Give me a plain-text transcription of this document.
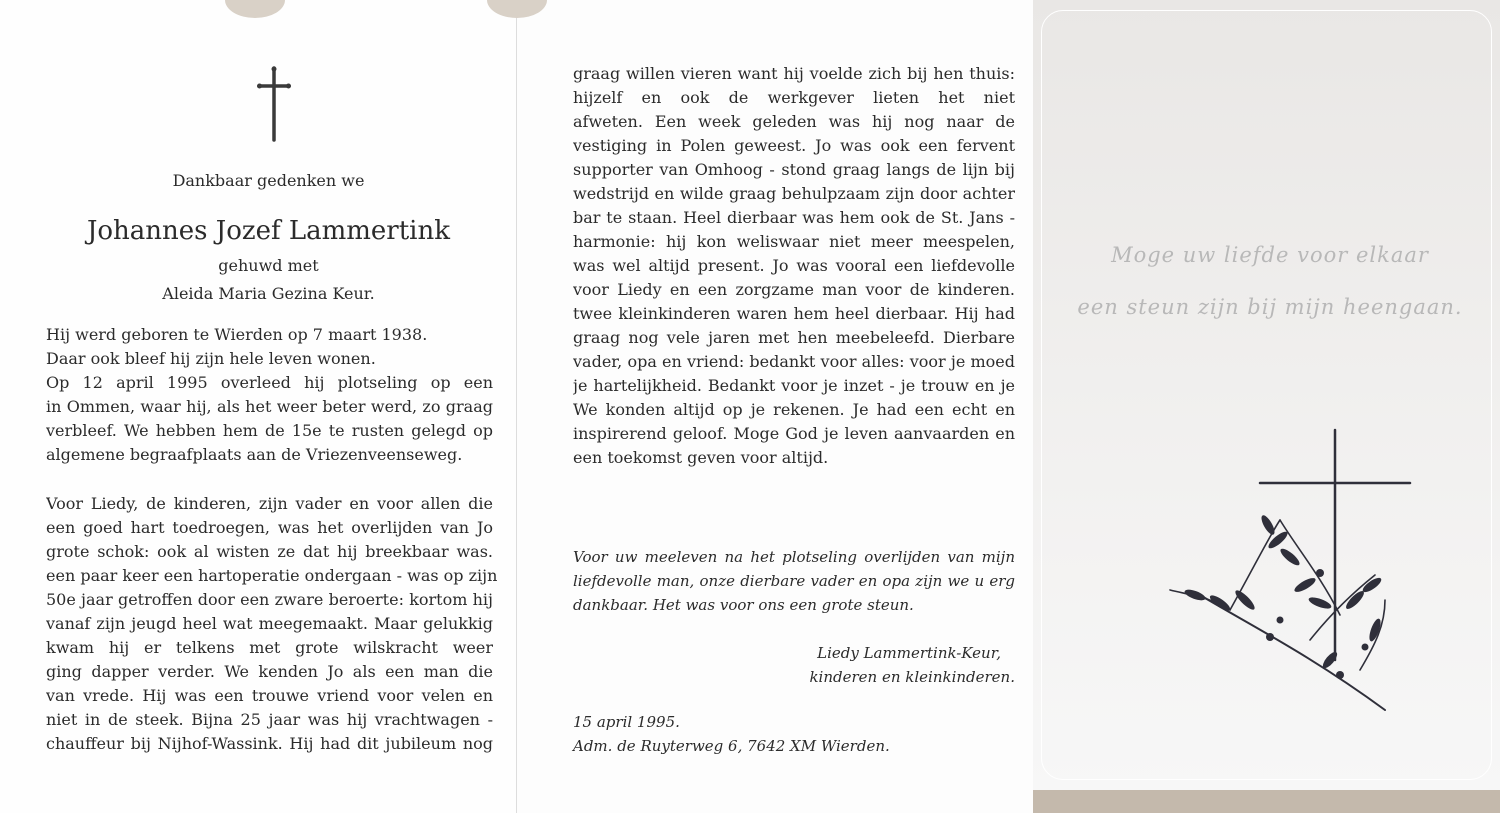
Dankbaar gedenken we

Johannes Jozef Lammertink

gehuwd met

Aleida Maria Gezina Keur.

Hij werd geboren te Wierden op 7 maart 1938.
Daar ook bleef hij zijn hele leven wonen.
Op 12 april 1995 overleed hij plotseling op een
in Ommen, waar hij, als het weer beter werd, zo graag
verbleef. We hebben hem de 15e te rusten gelegd op
algemene begraafplaats aan de Vriezenveenseweg.
Voor Liedy, de kinderen, zijn vader en voor allen die
een goed hart toedroegen, was het overlijden van Jo
grote schok: ook al wisten ze dat hij breekbaar was.
een paar keer een hartoperatie ondergaan - was op zijn
50e jaar getroffen door een zware beroerte: kortom hij
vanaf zijn jeugd heel wat meegemaakt. Maar gelukkig
kwam hij er telkens met grote wilskracht weer
ging dapper verder. We kenden Jo als een man die
van vrede. Hij was een trouwe vriend voor velen en
niet in de steek. Bijna 25 jaar was hij vrachtwagen -
chauffeur bij Nijhof-Wassink. Hij had dit jubileum nog
graag willen vieren want hij voelde zich bij hen thuis:
hijzelf en ook de werkgever lieten het niet
afweten. Een week geleden was hij nog naar de
vestiging in Polen geweest. Jo was ook een fervent
supporter van Omhoog - stond graag langs de lijn bij
wedstrijd en wilde graag behulpzaam zijn door achter
bar te staan. Heel dierbaar was hem ook de St. Jans -
harmonie: hij kon weliswaar niet meer meespelen,
was wel altijd present. Jo was vooral een liefdevolle
voor Liedy en een zorgzame man voor de kinderen.
twee kleinkinderen waren hem heel dierbaar. Hij had
graag nog vele jaren met hen meebeleefd. Dierbare
vader, opa en vriend: bedankt voor alles: voor je moed
je hartelijkheid. Bedankt voor je inzet - je trouw en je
We konden altijd op je rekenen. Je had een echt en
inspirerend geloof. Moge God je leven aanvaarden en
een toekomst geven voor altijd.
Voor uw meeleven na het plotseling overlijden van mijn
liefdevolle man, onze dierbare vader en opa zijn we u erg
dankbaar. Het was voor ons een grote steun.
Liedy Lammertink-Keur,
kinderen en kleinkinderen.
15 april 1995.
Adm. de Ruyterweg 6, 7642 XM Wierden.
Moge uw liefde voor elkaar
een steun zijn bij mijn heengaan.
